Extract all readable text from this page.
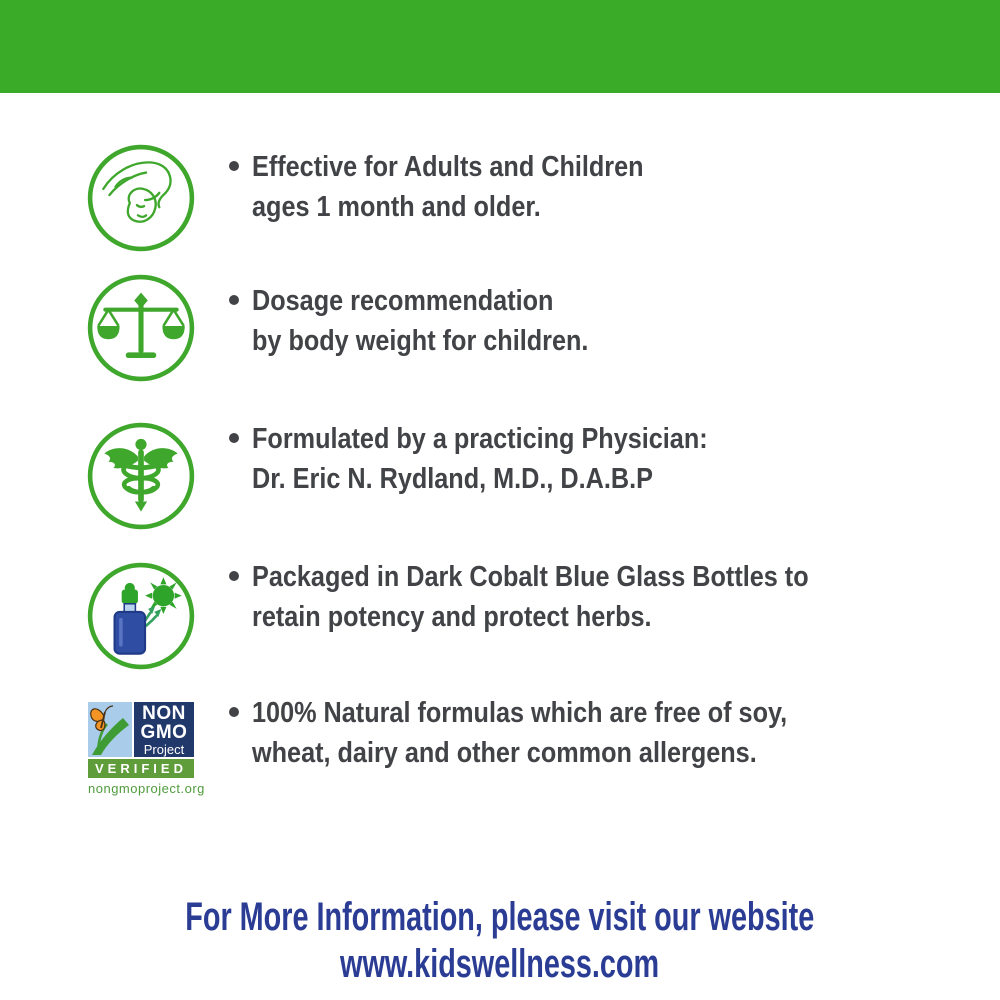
Effective for Adults and Children
ages 1 month and older.
Dosage recommendation
by body weight for children.
Formulated by a practicing Physician:
Dr. Eric N. Rydland, M.D., D.A.B.P
Packaged in Dark Cobalt Blue Glass Bottles to
retain potency and protect herbs.
NON
GMO
Project
VERIFIED
nongmoproject.org
100% Natural formulas which are free of soy,
wheat, dairy and other common allergens.
For More Information, please visit our website
www.kidswellness.com
